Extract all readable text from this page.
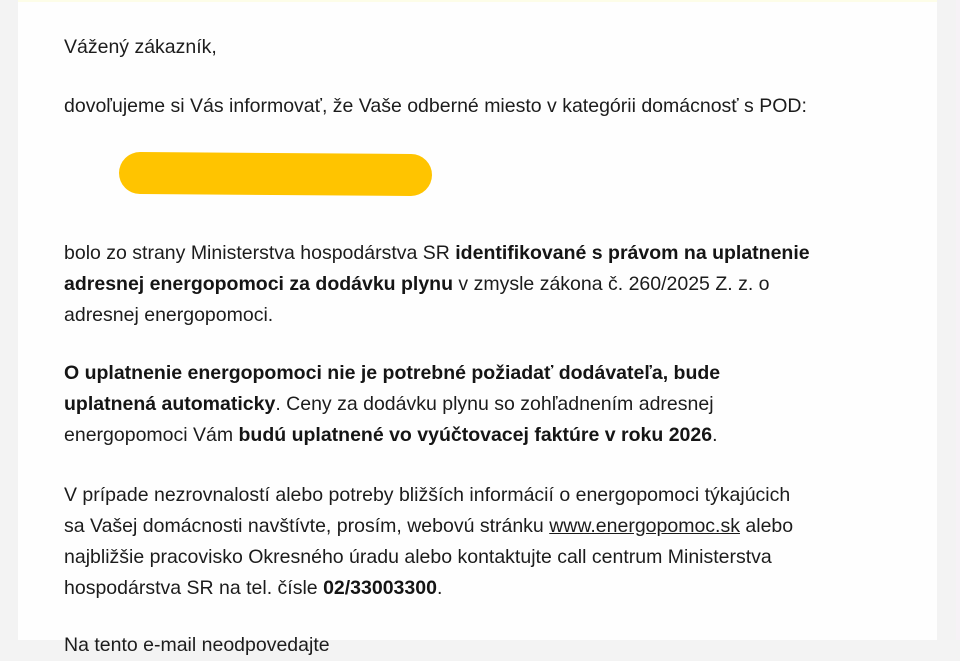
Vážený zákazník,

dovoľujeme si Vás informovať, že Vaše odberné miesto v kategórii domácnosť s POD:

bolo zo strany Ministerstva hospodárstva SR identifikované s právom na uplatnenie
adresnej energopomoci za dodávku plynu v zmysle zákona č. 260/2025 Z. z. o
adresnej energopomoci.

O uplatnenie energopomoci nie je potrebné požiadať dodávateľa, bude
uplatnená automaticky. Ceny za dodávku plynu so zohľadnením adresnej
energopomoci Vám budú uplatnené vo vyúčtovacej faktúre v roku 2026.

V prípade nezrovnalostí alebo potreby bližších informácií o energopomoci týkajúcich
sa Vašej domácnosti navštívte, prosím, webovú stránku www.energopomoc.sk alebo
najbližšie pracovisko Okresného úradu alebo kontaktujte call centrum Ministerstva
hospodárstva SR na tel. čísle 02/33003300.

Na tento e-mail neodpovedajte
